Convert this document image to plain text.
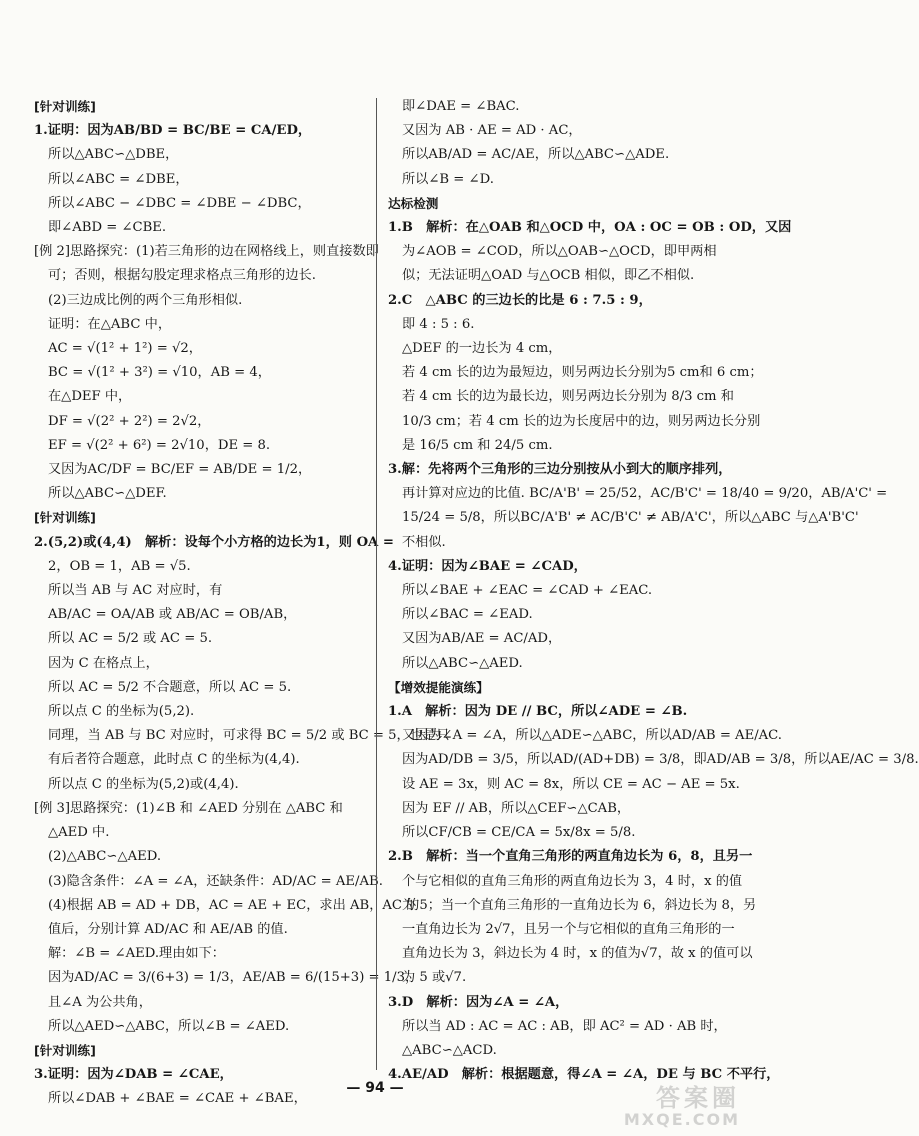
[针对训练]
1.证明：因为AB/BD = BC/BE = CA/ED，
所以△ABC∽△DBE，
所以∠ABC = ∠DBE，
所以∠ABC − ∠DBC = ∠DBE − ∠DBC，
即∠ABD = ∠CBE.
[例 2]思路探究：(1)若三角形的边在网格线上，则直接数即
可；否则，根据勾股定理求格点三角形的边长.
(2)三边成比例的两个三角形相似.
证明：在△ABC 中，
AC = √(1² + 1²) = √2，
BC = √(1² + 3²) = √10，AB = 4，
在△DEF 中，
DF = √(2² + 2²) = 2√2，
EF = √(2² + 6²) = 2√10，DE = 8.
又因为AC/DF = BC/EF = AB/DE = 1/2，
所以△ABC∽△DEF.
[针对训练]
2.(5,2)或(4,4)　解析：设每个小方格的边长为1，则 OA =
2，OB = 1，AB = √5.
所以当 AB 与 AC 对应时，有
AB/AC = OA/AB 或 AB/AC = OB/AB，
所以 AC = 5/2 或 AC = 5.
因为 C 在格点上，
所以 AC = 5/2 不合题意，所以 AC = 5.
所以点 C 的坐标为(5,2).
同理，当 AB 与 BC 对应时，可求得 BC = 5/2 或 BC = 5，也是只
有后者符合题意，此时点 C 的坐标为(4,4).
所以点 C 的坐标为(5,2)或(4,4).
[例 3]思路探究：(1)∠B 和 ∠AED 分别在 △ABC 和
△AED 中.
(2)△ABC∽△AED.
(3)隐含条件：∠A = ∠A，还缺条件：AD/AC = AE/AB.
(4)根据 AB = AD + DB，AC = AE + EC，求出 AB，AC 的
值后，分别计算 AD/AC 和 AE/AB 的值.
解：∠B = ∠AED.理由如下：
因为AD/AC = 3/(6+3) = 1/3，AE/AB = 6/(15+3) = 1/3，
且∠A 为公共角，
所以△AED∽△ABC，所以∠B = ∠AED.
[针对训练]
3.证明：因为∠DAB = ∠CAE，
所以∠DAB + ∠BAE = ∠CAE + ∠BAE，
即∠DAE = ∠BAC.
又因为 AB · AE = AD · AC，
所以AB/AD = AC/AE，所以△ABC∽△ADE.
所以∠B = ∠D.
达标检测
1.B　解析：在△OAB 和△OCD 中，OA : OC = OB : OD，又因
为∠AOB = ∠COD，所以△OAB∽△OCD，即甲两相
似；无法证明△OAD 与△OCB 相似，即乙不相似.
2.C　△ABC 的三边长的比是 6 : 7.5 : 9，
即 4 : 5 : 6.
△DEF 的一边长为 4 cm，
若 4 cm 长的边为最短边，则另两边长分别为5 cm和 6 cm；
若 4 cm 长的边为最长边，则另两边长分别为 8/3 cm 和
10/3 cm；若 4 cm 长的边为长度居中的边，则另两边长分别
是 16/5 cm 和 24/5 cm.
3.解：先将两个三角形的三边分别按从小到大的顺序排列，
再计算对应边的比值. BC/A'B' = 25/52，AC/B'C' = 18/40 = 9/20，AB/A'C' =
15/24 = 5/8，所以BC/A'B' ≠ AC/B'C' ≠ AB/A'C'，所以△ABC 与△A'B'C'
不相似.
4.证明：因为∠BAE = ∠CAD，
所以∠BAE + ∠EAC = ∠CAD + ∠EAC.
所以∠BAC = ∠EAD.
又因为AB/AE = AC/AD，
所以△ABC∽△AED.
【增效提能演练】
1.A　解析：因为 DE // BC，所以∠ADE = ∠B.
又因为∠A = ∠A，所以△ADE∽△ABC，所以AD/AB = AE/AC.
因为AD/DB = 3/5，所以AD/(AD+DB) = 3/8，即AD/AB = 3/8，所以AE/AC = 3/8.
设 AE = 3x，则 AC = 8x，所以 CE = AC − AE = 5x.
因为 EF // AB，所以△CEF∽△CAB，
所以CF/CB = CE/CA = 5x/8x = 5/8.
2.B　解析：当一个直角三角形的两直角边长为 6，8，且另一
个与它相似的直角三角形的两直角边长为 3，4 时，x 的值
为 5；当一个直角三角形的一直角边长为 6，斜边长为 8，另
一直角边长为 2√7，且另一个与它相似的直角三角形的一
直角边长为 3，斜边长为 4 时，x 的值为√7，故 x 的值可以
为 5 或√7.
3.D　解析：因为∠A = ∠A，
所以当 AD : AC = AC : AB，即 AC² = AD · AB 时，
△ABC∽△ACD.
4.AE/AD　解析：根据题意，得∠A = ∠A，DE 与 BC 不平行，
— 94 —	答案圈
MXQE.COM
